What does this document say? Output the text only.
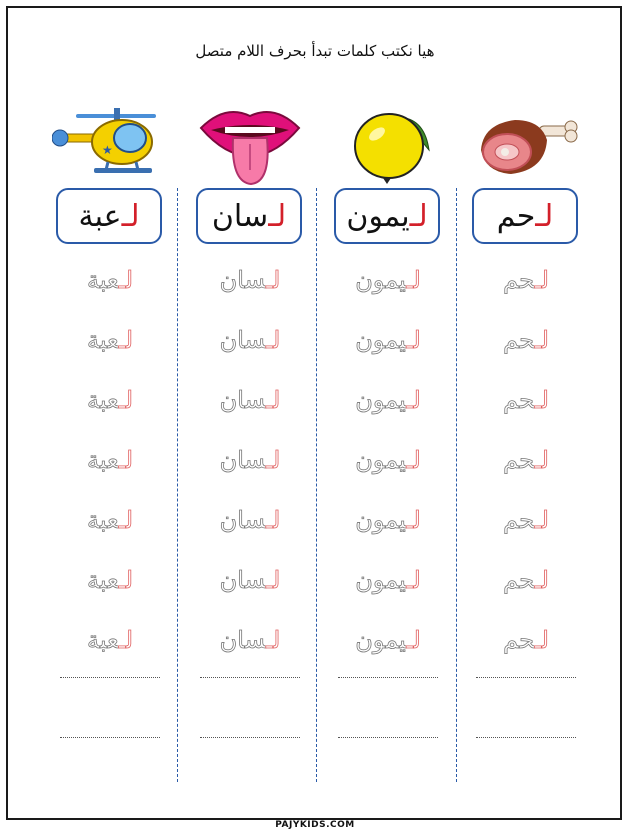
هيا نكتب كلمات تبدأ بحرف اللام متصل
لـ
حم
لـحم
لـحم
لـحم
لـحم
لـحم
لـحم
لـحم
لـ
يمون
لـيمون
لـيمون
لـيمون
لـيمون
لـيمون
لـيمون
لـيمون
لـ
سان
لـسان
لـسان
لـسان
لـسان
لـسان
لـسان
لـسان
★
لـ
عبة
لـعبة
لـعبة
لـعبة
لـعبة
لـعبة
لـعبة
لـعبة
PAJYKIDS.COM
